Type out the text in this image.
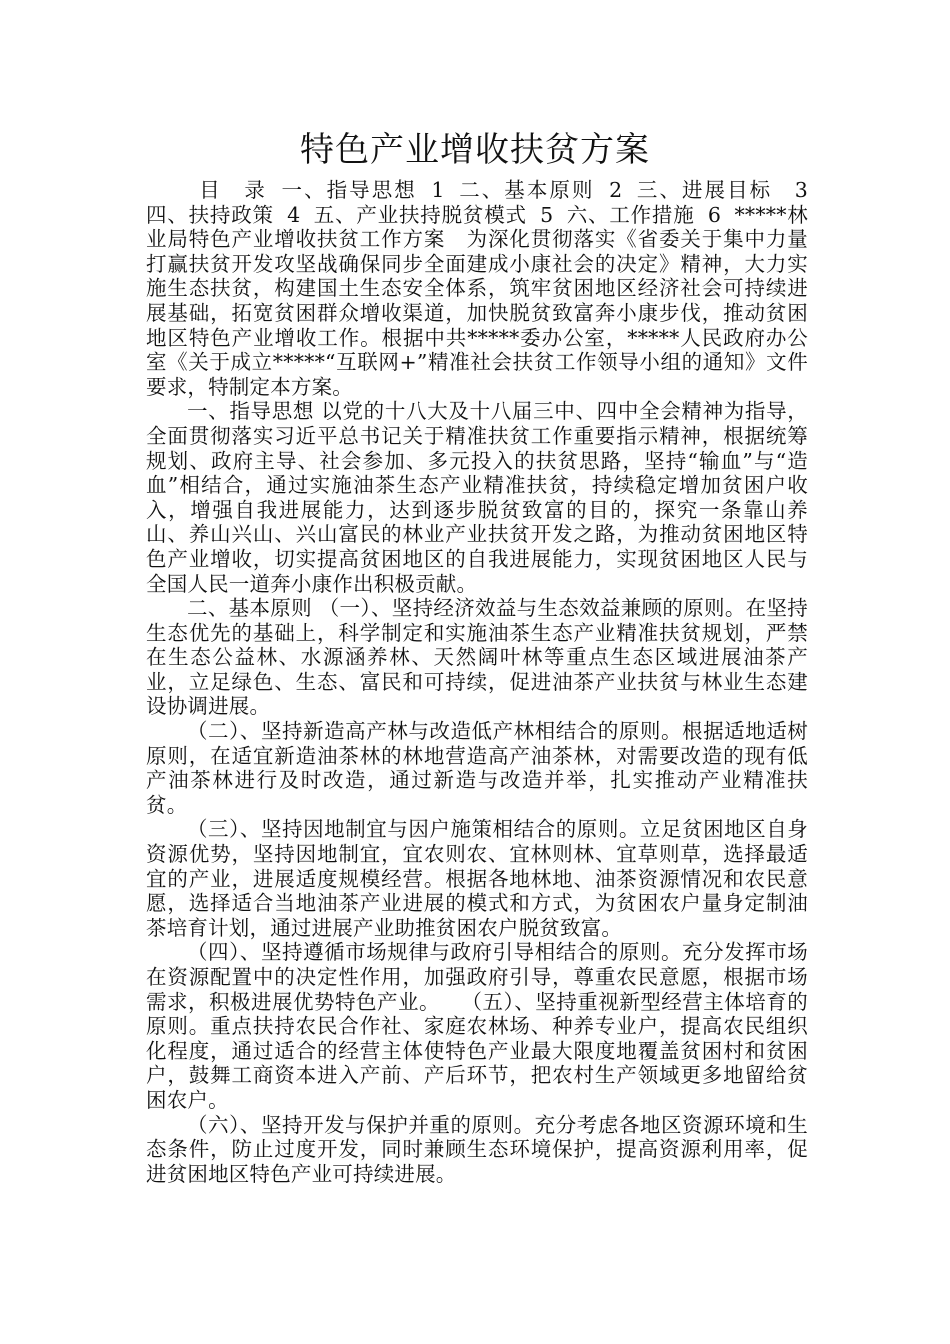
特色产业增收扶贫方案

目　录 一、指导思想 1 二、基本原则 2 三、进展目标　3 四、扶持政策 4 五、产业扶持脱贫模式 5 六、工作措施 6 *****林业局特色产业增收扶贫工作方案　为深化贯彻落实《省委关于集中力量打赢扶贫开发攻坚战确保同步全面建成小康社会的决定》精神，大力实施生态扶贫，构建国土生态安全体系，筑牢贫困地区经济社会可持续进展基础，拓宽贫困群众增收渠道，加快脱贫致富奔小康步伐，推动贫困地区特色产业增收工作。根据中共*****委办公室，*****人民政府办公室《关于成立*****“互联网+”精准社会扶贫工作领导小组的通知》文件要求，特制定本方案。

一、指导思想 以党的十八大及十八届三中、四中全会精神为指导，全面贯彻落实习近平总书记关于精准扶贫工作重要指示精神，根据统筹规划、政府主导、社会参加、多元投入的扶贫思路，坚持“输血”与“造血”相结合，通过实施油茶生态产业精准扶贫，持续稳定增加贫困户收入，增强自我进展能力，达到逐步脱贫致富的目的，探究一条靠山养山、养山兴山、兴山富民的林业产业扶贫开发之路，为推动贫困地区特色产业增收，切实提高贫困地区的自我进展能力，实现贫困地区人民与全国人民一道奔小康作出积极贡献。

二、基本原则 （一）、坚持经济效益与生态效益兼顾的原则。在坚持生态优先的基础上，科学制定和实施油茶生态产业精准扶贫规划，严禁在生态公益林、水源涵养林、天然阔叶林等重点生态区域进展油茶产业，立足绿色、生态、富民和可持续，促进油茶产业扶贫与林业生态建设协调进展。

（二）、坚持新造高产林与改造低产林相结合的原则。根据适地适树原则，在适宜新造油茶林的林地营造高产油茶林，对需要改造的现有低产油茶林进行及时改造，通过新造与改造并举，扎实推动产业精准扶贫。

（三）、坚持因地制宜与因户施策相结合的原则。立足贫困地区自身资源优势，坚持因地制宜，宜农则农、宜林则林、宜草则草，选择最适宜的产业，进展适度规模经营。根据各地林地、油茶资源情况和农民意愿，选择适合当地油茶产业进展的模式和方式，为贫困农户量身定制油茶培育计划，通过进展产业助推贫困农户脱贫致富。

（四）、坚持遵循市场规律与政府引导相结合的原则。充分发挥市场在资源配置中的决定性作用，加强政府引导，尊重农民意愿，根据市场需求，积极进展优势特色产业。　　（五）、坚持重视新型经营主体培育的原则。重点扶持农民合作社、家庭农林场、种养专业户，提高农民组织化程度，通过适合的经营主体使特色产业最大限度地覆盖贫困村和贫困户，鼓舞工商资本进入产前、产后环节，把农村生产领域更多地留给贫困农户。

（六）、坚持开发与保护并重的原则。充分考虑各地区资源环境和生态条件，防止过度开发，同时兼顾生态环境保护，提高资源利用率，促进贫困地区特色产业可持续进展。
